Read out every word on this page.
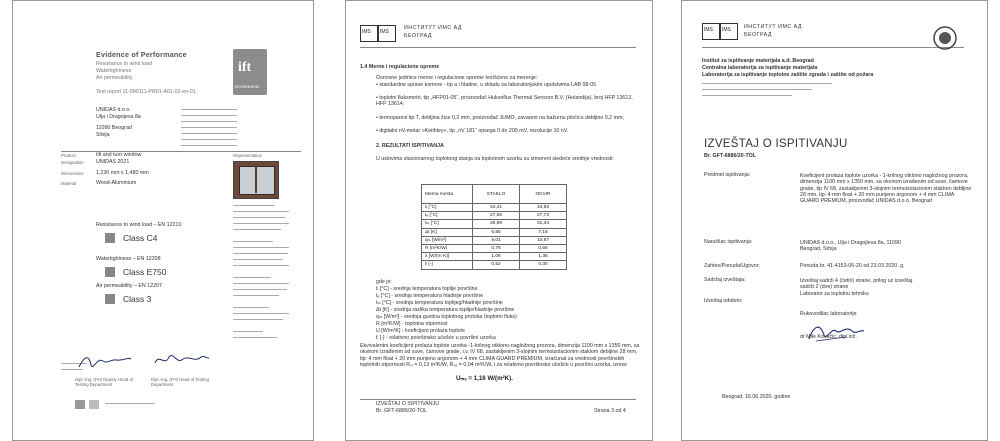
Evidence of Performance
Resistance to wind load
Watertightness
Air permeability
Test report 11-000111-PR01-A01-02-en-01
ift
ROSENHEIM
UNIDAS d.o.o.
Ulja i Dragojeva 8a
11090 Beograd
Srbija
Product	tilt and turn window
Designation UNIDAS 2021
Dimensions 1,230 mm x 1,480 mm
Material	Wood-Aluminium
Representation
Resistance to wind load – EN 12210
Class C4
Watertightness – EN 12208
Class E750
Air permeability – EN 12207
Class 3
Dipl.-Ing. (FH) Deputy Head of Testing Department
Dipl.-Ing. (FH) Head of Testing Department
IMS IMS
ИНСТИТУТ ИМС АД
БЕОГРАД
1.4 Merne i regulacione opreme
Osnovne jedinice merne i regulacione opreme korišćene za merenje:
• standardne sprave komore - tip a i hladne, u skladu sa laboratorijskim uputstvima LAB 08-05
• toplotni fluksmetri, tip „HFP01-05“, proizvođač Hukseflux Thermal Sensors B.V. (Holandija), broj HFP 13613, HFP 13614;
• termoparovi tip T, debljina žice 0,2 mm, proizvođač JUMO, zavareni na bažurnu pločicu debljine 0,2 mm;
• digitalni nV-metar »Keithley«, tip „nV 181“ opsega 0 do 200 mV, rezolucije 10 nV.
2. REZULTATI ISPITIVANJA
U uslovima stacionarnog toplotnog stanja na toplotnom uzorku su izmereni sledeće srednje vrednosti:
Merna mesta	STAKLO	OKVIR
tᵢ [°C]	34,41	34,93
tₑ [°C]	27,55	27,73
tₘ [°C]	29,99	31,34
Δt [K]	6,85	7,18
qₘ [W/m²]	9,01	10,87
R [m²K/W]	0,76	0,66
λ [W/(m·K)]	1,08	1,36
fᵢ [-]	0,52	0,30
gde je:
tᵢ [°C] - srednja temperatura toplije površine
tₑ [°C] - srednja temperatura hladnije površine
tₘ [°C] - srednja temperatura toplijeg/hladnije površine
Δt [K] - srednja razlika temperatura toplije/hladnije površine
qₘ [W/m²] - srednja gustina toplotnog protoka (toplotni fluks)
R [m²K/W] - toplotna otpornost
U [W/m²K] - koeficijent prolaza toplote
fᵢ [-] - relativno površinsko učešće u površini uzorka
Ekvivalentni koeficijent prolaza toplote uzorka -1-krilnog otklono-nagložnog prozora, dimenzija 1100 mm x 1350 mm, sa okvirom izrađenim od suve, čamove grade, i.v. IV 68, zastakljenim 3-slojnim termoizolacionim staklom debljine 28 mm, tip: 4 mm float + 20 mm punjeno argonom + 4 mm CLIMA GUARD PREMIUM, izračunat za vrednosti površinskih toplotnih otpornosti Rₛᵢ = 0,13 m²K/W, Rₛₑ = 0,04 m²K/W, i za relativno površinsko učešće u površini uzorka, iznosi
Uₘₑ = 1,16 W/(m²K).
IZVEŠTAJ O ISPITIVANJU
Br. GFT-6886/20-TOL	Strana 3 od 4
IMS IMS ИНСТИТУТ ИМС АД
БЕОГРАД
Institut za ispitivanje materijala a.d. Beograd
Centralna laboratorija za ispitivanje materijala
Laboratorija za ispitivanje toplotne zaštite zgrada i zaštite od požara
IZVEŠTAJ O ISPITIVANJU
Br. GFT-6886/20-TOL
Predmet ispitivanja:	Koeficijent prolaza toplote uzorka - 1-krilnog otklono nagložnog prozora, dimenzija 1100 mm x 1350 mm, sa okvirom izrađenim od suve, čamove grade, tip IV 68, zastakljenim 3-slojnim termoizolacionim staklom debljine 28 mm, tip: 4 mm float + 20 mm punjeno argonom + 4 mm CLIMA GUARD PREMIUM, proizvođač UNIDAS d.o.o. Beograd
Naručilac ispitivanja:	UNIDAS d.o.o., Ulja i Dragojleva 8a, 11090 Beograd, Srbija
Zahtev/Ponuda/Ugovor:	Ponuda br. 41-4153-06-20 od 23.03.2020. g.
Sadržaj izveštaja:	Izveštaj sadrži 4 (četiri) strane, prilog uz izveštaj sadrži 2 (dve) strane
Izveštaj odobrio:
Laborator za toplotnu tehniku
Rukovodilac laboratorije
dr Mile Kovačić, dipl.inž.
Beograd, 16.06.2020. godine
